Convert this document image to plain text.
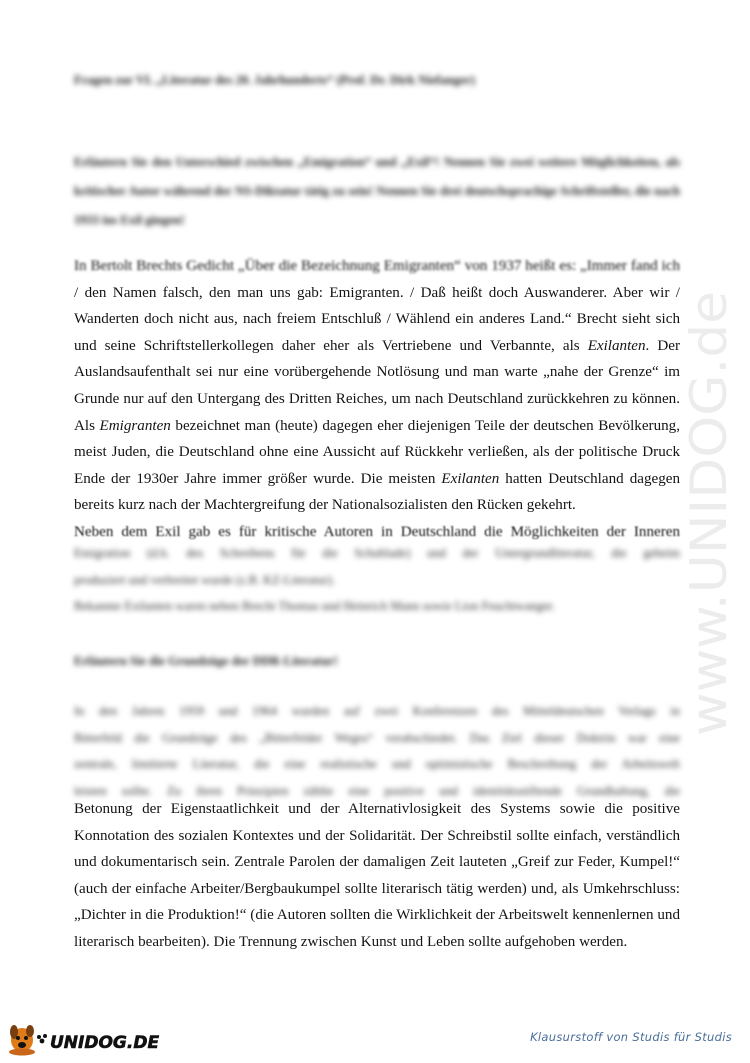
Fragen zur VL „Literatur des 20. Jahrhunderts“ (Prof. Dr. Dirk Niefanger)
Erläutern Sie den Unterschied zwischen „Emigration“ und „Exil“! Nennen Sie zwei weitere Möglichkeiten, als kritischer Autor während der NS-Diktatur tätig zu sein! Nennen Sie drei deutschsprachige Schriftsteller, die nach 1933 ins Exil gingen!
In Bertolt Brechts Gedicht „Über die Bezeichnung Emigranten“ von 1937 heißt es: „Immer fand ich
/ den Namen falsch, den man uns gab: Emigranten. / Daß heißt doch Auswanderer. Aber wir /
Wanderten doch nicht aus, nach freiem Entschluß / Wählend ein anderes Land.“ Brecht sieht sich
und seine Schriftstellerkollegen daher eher als Vertriebene und Verbannte, als Exilanten. Der
Auslandsaufenthalt sei nur eine vorübergehende Notlösung und man warte „nahe der Grenze“ im
Grunde nur auf den Untergang des Dritten Reiches, um nach Deutschland zurückkehren zu können.
Als Emigranten bezeichnet man (heute) dagegen eher diejenigen Teile der deutschen Bevölkerung,
meist Juden, die Deutschland ohne eine Aussicht auf Rückkehr verließen, als der politische Druck
Ende der 1930er Jahre immer größer wurde. Die meisten Exilanten hatten Deutschland dagegen
bereits kurz nach der Machtergreifung der Nationalsozialisten den Rücken gekehrt.
Neben dem Exil gab es für kritische Autoren in Deutschland die Möglichkeiten der Inneren
Emigration (d.h. des Schreibens für die Schublade) und der Untergrundliteratur, die geheim
produziert und verbreitet wurde (z.B. KZ-Literatur).
Bekannte Exilanten waren neben Brecht Thomas und Heinrich Mann sowie Lion Feuchtwanger.
Erläutern Sie die Grundzüge der DDR-Literatur!
In den Jahren 1959 und 1964 wurden auf zwei Konferenzen des Mitteldeutschen Verlags in
Bitterfeld die Grundzüge des „Bitterfelder Weges“ verabschiedet. Das Ziel dieser Doktrin war eine
zentrale, limitierte Literatur, die eine realistische und optimistische Beschreibung der Arbeitswelt
leisten sollte. Zu ihren Prinzipien zählte eine positive und identitätsstiftende Grundhaltung, die
Betonung der Eigenstaatlichkeit und der Alternativlosigkeit des Systems sowie die positive
Konnotation des sozialen Kontextes und der Solidarität. Der Schreibstil sollte einfach, verständlich
und dokumentarisch sein. Zentrale Parolen der damaligen Zeit lauteten „Greif zur Feder, Kumpel!“
(auch der einfache Arbeiter/Bergbaukumpel sollte literarisch tätig werden) und, als Umkehrschluss:
„Dichter in die Produktion!“ (die Autoren sollten die Wirklichkeit der Arbeitswelt kennenlernen und
literarisch bearbeiten). Die Trennung zwischen Kunst und Leben sollte aufgehoben werden.
www.UNIDOG.de
UNIDOG.DE	Klausurstoff von Studis für Studis
